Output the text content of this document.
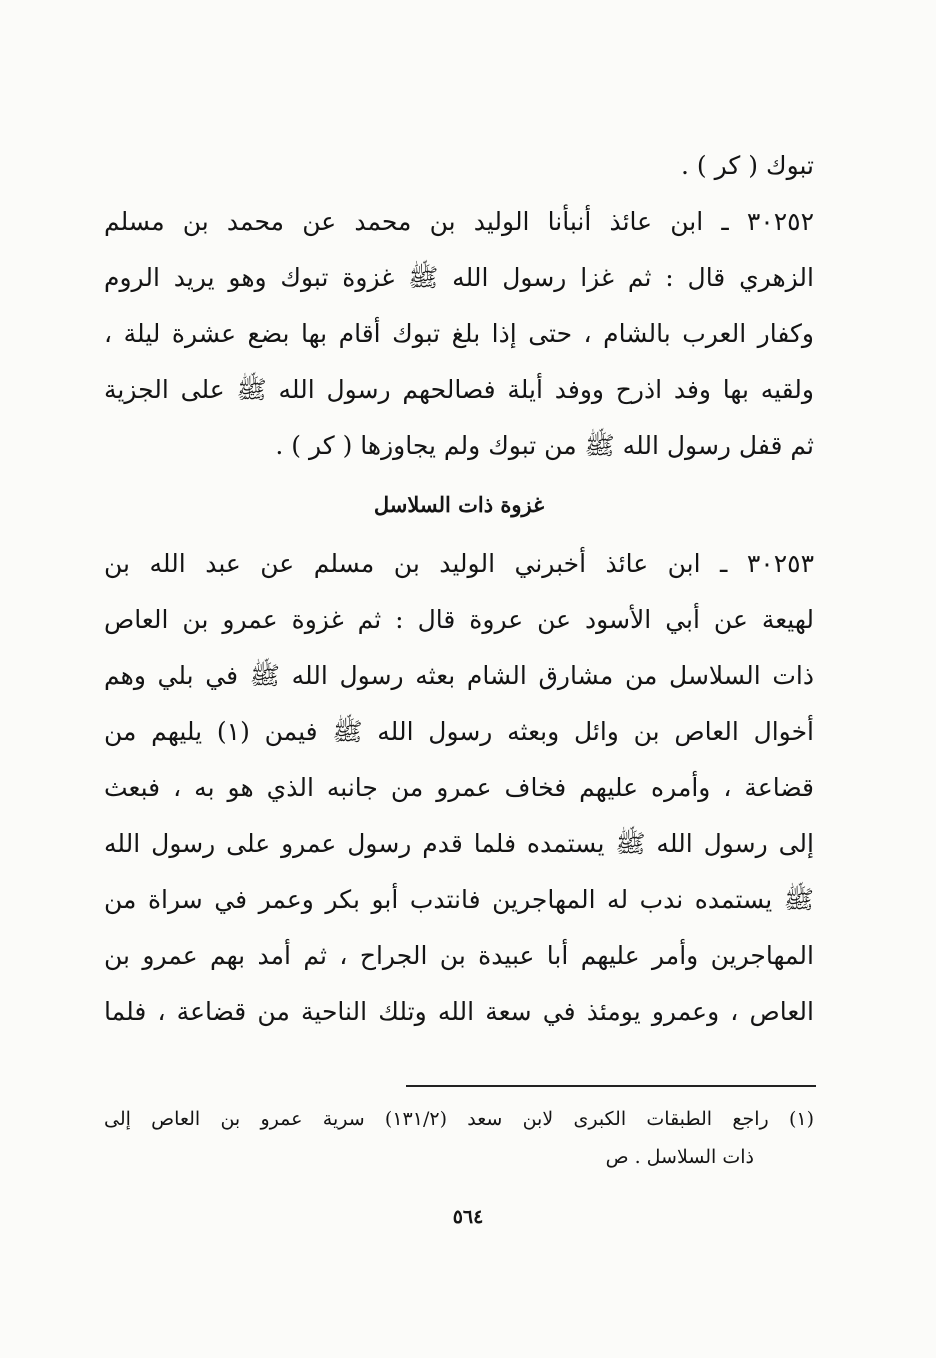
تبوك ( كر ) .
٣٠٢٥٢ ـ ابن عائذ أنبأنا الوليد بن محمد عن محمد بن مسلم
الزهري قال : ثم غزا رسول الله ﷺ غزوة تبوك وهو يريد الروم
وكفار العرب بالشام ، حتى إذا بلغ تبوك أقام بها بضع عشرة ليلة ،
ولقيه بها وفد اذرح ووفد أيلة فصالحهم رسول الله ﷺ على الجزية
ثم قفل رسول الله ﷺ من تبوك ولم يجاوزها ( كر ) .
غزوة ذات السلاسل
٣٠٢٥٣ ـ ابن عائذ أخبرني الوليد بن مسلم عن عبد الله بن
لهيعة عن أبي الأسود عن عروة قال : ثم غزوة عمرو بن العاص
ذات السلاسل من مشارق الشام بعثه رسول الله ﷺ في بلي وهم
أخوال العاص بن وائل وبعثه رسول الله ﷺ فيمن (١) يليهم من
قضاعة ، وأمره عليهم فخاف عمرو من جانبه الذي هو به ، فبعث
إلى رسول الله ﷺ يستمده فلما قدم رسول عمرو على رسول الله
ﷺ يستمده ندب له المهاجرين فانتدب أبو بكر وعمر في سراة من
المهاجرين وأمر عليهم أبا عبيدة بن الجراح ، ثم أمد بهم عمرو بن
العاص ، وعمرو يومئذ في سعة الله وتلك الناحية من قضاعة ، فلما
(١) راجع الطبقات الكبرى لابن سعد (١٣١/٢) سرية عمرو بن العاص إلى
ذات السلاسل . ص
٥٦٤
